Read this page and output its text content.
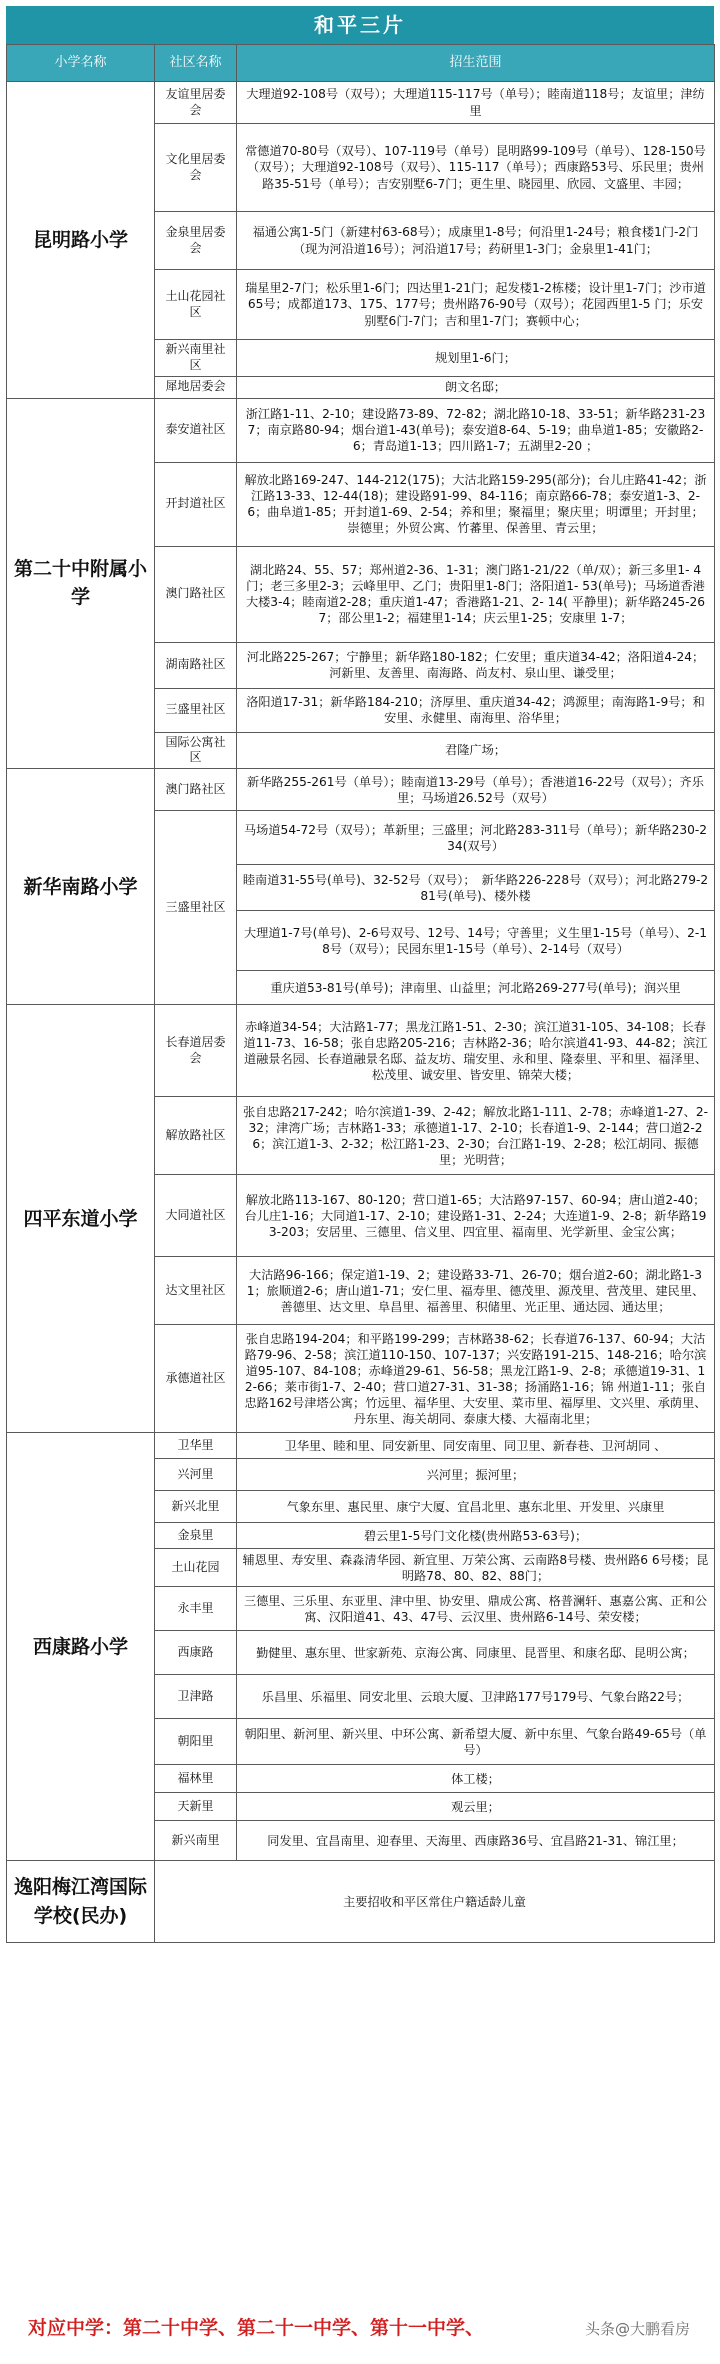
和平三片
小学名称	社区名称	招生范围
昆明路小学	友谊里居委会	大理道92-108号（双号）；大理道115-117号（单号）；睦南道118号；友谊里；津纺里
	文化里居委会	常德道70-80号（双号）、107-119号（单号）昆明路99-109号（单号）、128-150号（双号）；大理道92-108号（双号）、115-117（单号）；西康路53号、乐民里；贵州路35-51号（单号）；吉安别墅6-7门；更生里、晓园里、欣园、文盛里、丰园；
	金泉里居委会	福通公寓1-5门（新建村63-68号）；成康里1-8号；何沿里1-24号；粮食楼1门-2门（现为河沿道16号）；河沿道17号；药研里1-3门；金泉里1-41门；
	土山花园社区	瑞星里2-7门；松乐里1-6门；四达里1-21门；起发楼1-2栋楼；设计里1-7门；沙市道65号；成都道173、175、177号；贵州路76-90号（双号）；花园西里1-5 门；乐安别墅6门-7门；吉和里1-7门；赛顿中心；
	新兴南里社区	规划里1-6门；
	犀地居委会	朗文名邸；
第二十中附属小学	泰安道社区	浙江路1-11、2-10；建设路73-89、72-82；湖北路10-18、33-51；新华路231-237；南京路80-94；烟台道1-43(单号)；泰安道8-64、5-19；曲阜道1-85；安徽路2-6；青岛道1-13；四川路1-7；五湖里2-20 ；
	开封道社区	解放北路169-247、144-212(175)；大沽北路159-295(部分)；台儿庄路41-42；浙江路13-33、12-44(18)；建设路91-99、84-116；南京路66-78；泰安道1-3、2-6；曲阜道1-85；开封道1-69、2-54；养和里；聚福里；聚庆里；明谭里；开封里；崇德里；外贸公寓、竹蕃里、保善里、青云里；
	澳门路社区	湖北路24、55、57；郑州道2-36、1-31；澳门路1-21/22（单/双）；新三多里1- 4门；老三多里2-3；云峰里甲、乙门；贵阳里1-8门；洛阳道1- 53(单号)；马场道香港大楼3-4；睦南道2-28；重庆道1-47；香港路1-21、2- 14( 平静里)；新华路245-267；邵公里1-2；福建里1-14；庆云里1-25；安康里 1-7；
	湖南路社区	河北路225-267；宁静里；新华路180-182；仁安里；重庆道34-42；洛阳道4-24；河新里、友善里、南海路、尚友村、泉山里、谦受里；
	三盛里社区	洛阳道17-31；新华路184-210；济厚里、重庆道34-42；鸿源里；南海路1-9号；和安里、永健里、南海里、浴华里；
	国际公寓社区	君隆广场；
新华南路小学	澳门路社区	新华路255-261号（单号）；睦南道13-29号（单号）；香港道16-22号（双号）；齐乐里；马场道26.52号（双号）
	三盛里社区	马场道54-72号（双号）；革新里；三盛里；河北路283-311号（单号）；新华路230-234(双号）
		睦南道31-55号(单号)、32-52号（双号）；　新华路226-228号（双号）；河北路279-281号(单号)、楼外楼
		大理道1-7号(单号)、2-6号双号、12号、14号；守善里；义生里1-15号（单号）、2-18号（双号）；民园东里1-15号（单号）、2-14号（双号）
		重庆道53-81号(单号)；津南里、山益里；河北路269-277号(单号)；润兴里
四平东道小学	长春道居委会	赤峰道34-54；大沽路1-77；黑龙江路1-51、2-30；滨江道31-105、34-108；长春道11-73、16-58；张自忠路205-216；吉林路2-36；哈尔滨道41-93、44-82；滨江道融景名园、长春道融景名邸、益友坊、瑞安里、永和里、隆泰里、平和里、福泽里、松茂里、诚安里、皆安里、锦荣大楼；
	解放路社区	张自忠路217-242；哈尔滨道1-39、2-42；解放北路1-111、2-78；赤峰道1-27、2-32；津湾广场；吉林路1-33；承德道1-17、2-10；长春道1-9、2-144；营口道2-26；滨江道1-3、2-32；松江路1-23、2-30；台江路1-19、2-28；松江胡同、振德里；光明营；
	大同道社区	解放北路113-167、80-120；营口道1-65；大沽路97-157、60-94；唐山道2-40；台儿庄1-16；大同道1-17、2-10；建设路1-31、2-24；大连道1-9、2-8；新华路193-203；安居里、三德里、信义里、四宜里、福南里、光学新里、金宝公寓；
	达文里社区	大沽路96-166；保定道1-19、2；建设路33-71、26-70；烟台道2-60；湖北路1-31；旅顺道2-6；唐山道1-71；安仁里、福寿里、德茂里、源茂里、营茂里、建民里、善德里、达文里、阜昌里、福善里、积储里、光正里、通达园、通达里；
	承德道社区	张自忠路194-204；和平路199-299；吉林路38-62；长春道76-137、60-94；大沽路79-96、2-58；滨江道110-150、107-137；兴安路191-215、148-216；哈尔滨道95-107、84-108；赤峰道29-61、56-58；黑龙江路1-9、2-8；承德道19-31、12-66；莱市街1-7、2-40；营口道27-31、31-38；扬涌路1-16；锦 州道1-11；张自忠路162号津塔公寓；竹远里、福华里、大安里、菜市里、福厚里、文兴里、承荫里、丹东里、海关胡同、泰康大楼、大福南北里；
西康路小学	卫华里	卫华里、睦和里、同安新里、同安南里、同卫里、新春巷、卫河胡同 、
	兴河里	兴河里；振河里；
	新兴北里	气象东里、惠民里、康宁大厦、宜昌北里、惠东北里、开发里、兴康里
	金泉里	碧云里1-5号门文化楼(贵州路53-63号)；
	土山花园	辅恩里、寿安里、森淼清华园、新宜里、万荣公寓、云南路8号楼、贵州路6 6号楼；昆明路78、80、82、88门；
	永丰里	三德里、三乐里、东亚里、津中里、协安里、鼎成公寓、格普澜轩、惠嘉公寓、正和公寓、汉阳道41、43、47号、云汉里、贵州路6-14号、荣安楼；
	西康路	勤健里、惠东里、世家新苑、京海公寓、同康里、昆晋里、和康名邸、昆明公寓；
	卫津路	乐昌里、乐福里、同安北里、云琅大厦、卫津路177号179号、气象台路22号；
	朝阳里	朝阳里、新河里、新兴里、中环公寓、新希望大厦、新中东里、气象台路49-65号（单号）
	福林里	体工楼；
	天新里	观云里；
	新兴南里	同发里、宜昌南里、迎春里、天海里、西康路36号、宜昌路21-31、锦江里；
逸阳梅江湾国际学校(民办)	主要招收和平区常住户籍适龄儿童	
对应中学：第二十中学、第二十一中学、第十一中学、	头条@大鹏看房
